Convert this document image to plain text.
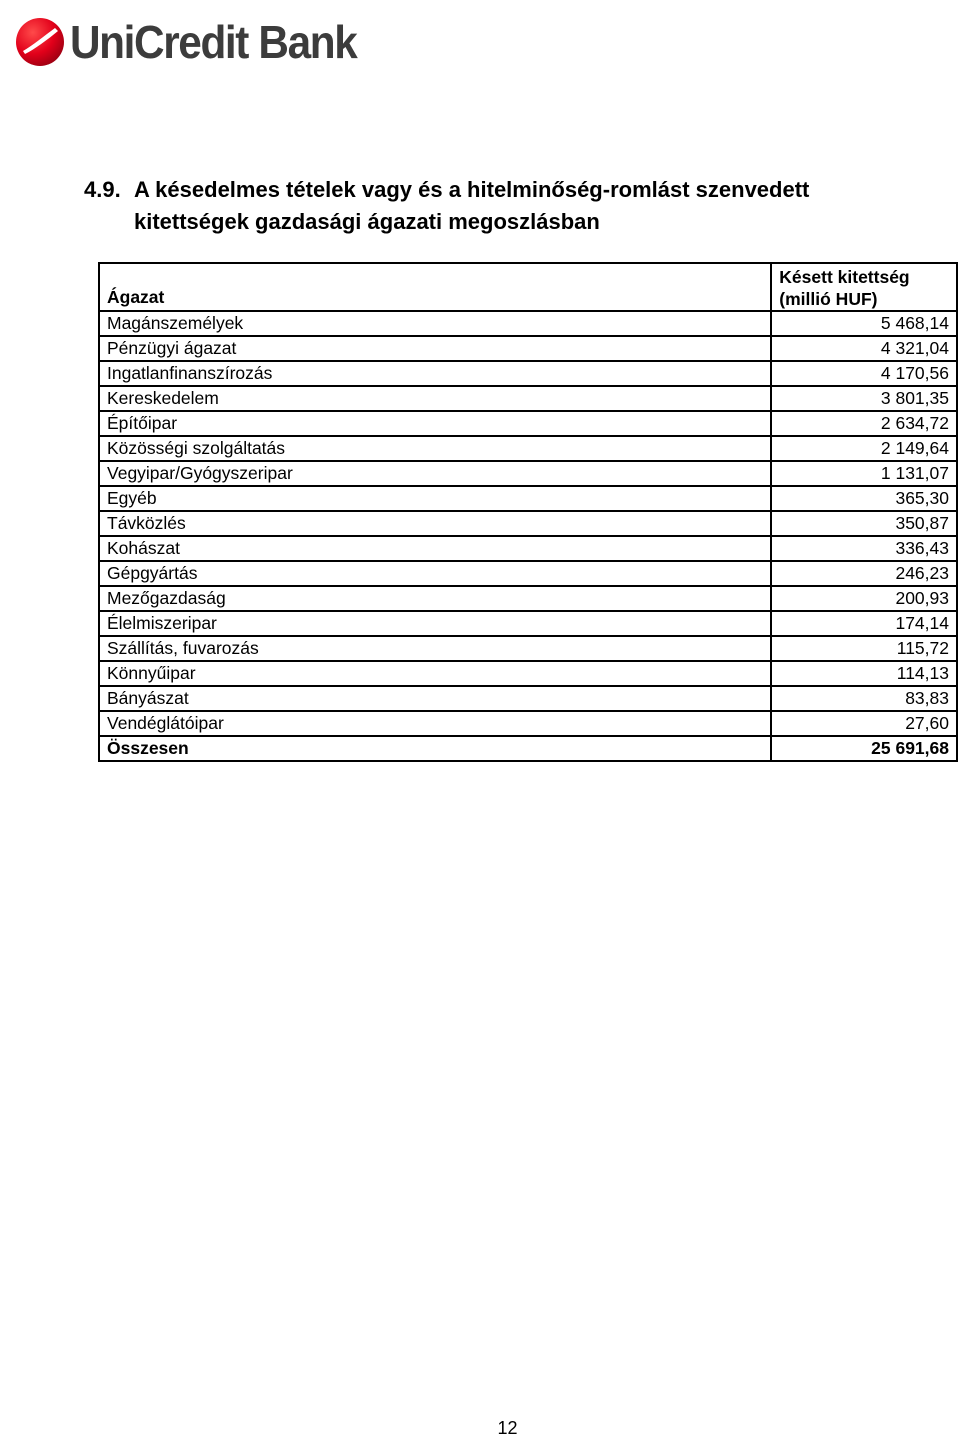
UniCredit Bank
4.9. A késedelmes tételek vagy és a hitelminőség-romlást szenvedett
kitettségek gazdasági ágazati megoszlásban
Ágazat	Késett kitettség
(millió HUF)
Magánszemélyek	5 468,14
Pénzügyi ágazat	4 321,04
Ingatlanfinanszírozás	4 170,56
Kereskedelem	3 801,35
Építőipar	2 634,72
Közösségi szolgáltatás	2 149,64
Vegyipar/Gyógyszeripar	1 131,07
Egyéb	365,30
Távközlés	350,87
Kohászat	336,43
Gépgyártás	246,23
Mezőgazdaság	200,93
Élelmiszeripar	174,14
Szállítás, fuvarozás	115,72
Könnyűipar	114,13
Bányászat	83,83
Vendéglátóipar	27,60
Összesen	25 691,68
12
